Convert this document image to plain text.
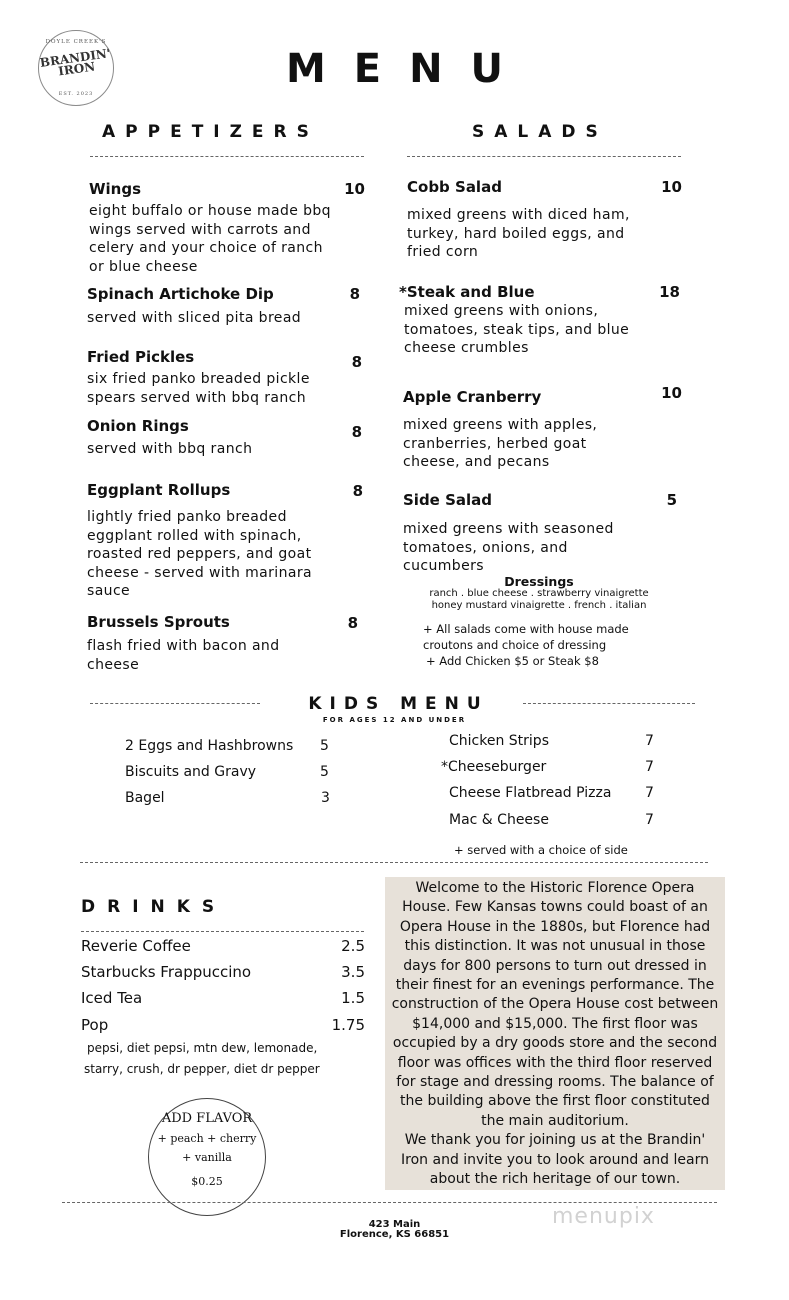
DOYLE CREEK'S
BRANDIN' IRON
EST. 2023
MENU
APPETIZERS
Wings	10
eight buffalo or house made bbq wings served with carrots and celery and your choice of ranch or blue cheese
Spinach Artichoke Dip	8
served with sliced pita bread
Fried Pickles	8
six fried panko breaded pickle spears served with bbq ranch
Onion Rings	8
served with bbq ranch
Eggplant Rollups	8
lightly fried panko breaded eggplant rolled with spinach, roasted red peppers, and goat cheese - served with marinara sauce
Brussels Sprouts	8
flash fried with bacon and cheese
SALADS
Cobb Salad	10
mixed greens with diced ham, turkey, hard boiled eggs, and fried corn
*Steak and Blue	18
mixed greens with onions, tomatoes, steak tips, and blue cheese crumbles
Apple Cranberry	10
mixed greens with apples, cranberries, herbed goat cheese, and pecans
Side Salad	5
mixed greens with seasoned tomatoes, onions, and cucumbers
Dressings
ranch . blue cheese . strawberry vinaigrette
honey mustard vinaigrette . french . italian
+ All salads come with house made croutons and choice of dressing
+ Add Chicken $5 or Steak $8
KIDS MENU
FOR AGES 12 AND UNDER
2 Eggs and Hashbrowns 5
Biscuits and Gravy	5
Bagel	3
Chicken Strips	7
*Cheeseburger	7
Cheese Flatbread Pizza 7
Mac & Cheese	7
+ served with a choice of side
DRINKS
Reverie Coffee	2.5
Starbucks Frappuccino	3.5
Iced Tea	1.5
Pop	1.75
pepsi, diet pepsi, mtn dew, lemonade,
starry, crush, dr pepper, diet dr pepper
ADD FLAVOR
+ peach + cherry
+ vanilla
$0.25

Welcome to the Historic Florence Opera House. Few Kansas towns could boast of an Opera House in the 1880s, but Florence had this distinction. It was not unusual in those days for 800 persons to turn out dressed in their finest for an evenings performance. The construction of the Opera House cost between $14,000 and $15,000. The first floor was occupied by a dry goods store and the second floor was offices with the third floor reserved for stage and dressing rooms. The balance of the building above the first floor constituted the main auditorium.

We thank you for joining us at the Brandin' Iron and invite you to look around and learn about the rich heritage of our town.

423 Main
Florence, KS 66851
menupix
